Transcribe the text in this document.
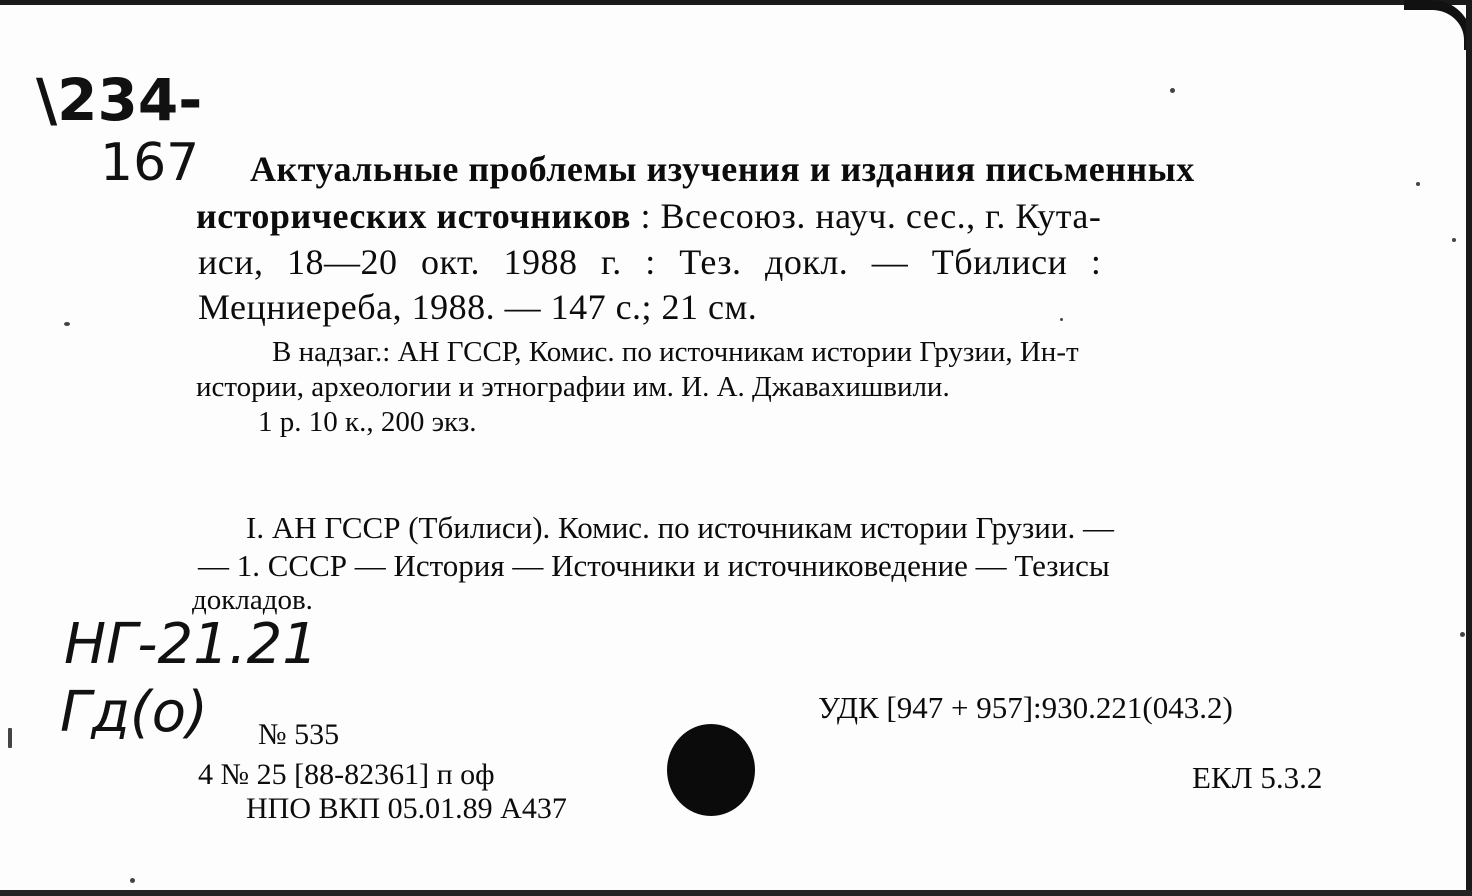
\234-
167 Актуальные проблемы изучения и издания письменных
исторических источников : Всесоюз. науч. сес., г. Кута-
иси, 18—20 окт. 1988 г. : Тез. докл. — Тбилиси :
Мецниереба, 1988. — 147 с.; 21 см.
В надзаг.: АН ГССР, Комис. по источникам истории Грузии, Ин-т
истории, археологии и этнографии им. И. А. Джавахишвили.
1 р. 10 к., 200 экз.
I. АН ГССР (Тбилиси). Комис. по источникам истории Грузии. —
— 1. СССР — История — Источники и источниковедение — Тезисы
докладов.
НГ-21.21
Гд(о) № 535
4 № 25 [88-82361] п оф
НПО ВКП 05.01.89 А437
УДК [947 + 957]:930.221(043.2)
ЕКЛ 5.3.2
